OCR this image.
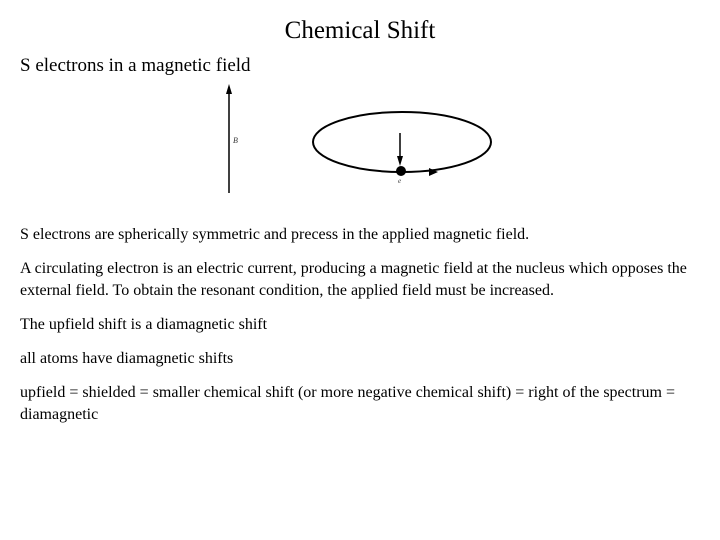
Chemical Shift
S electrons in a magnetic field
B
e

S electrons are spherically symmetric and precess in the applied magnetic field.

A circulating electron is an electric current, producing a magnetic field at the nucleus which opposes the external field. To obtain the resonant condition, the applied field must be increased.

The upfield shift is a diamagnetic shift

all atoms have diamagnetic shifts

upfield = shielded = smaller chemical shift (or more negative chemical shift) = right of the spectrum = diamagnetic
